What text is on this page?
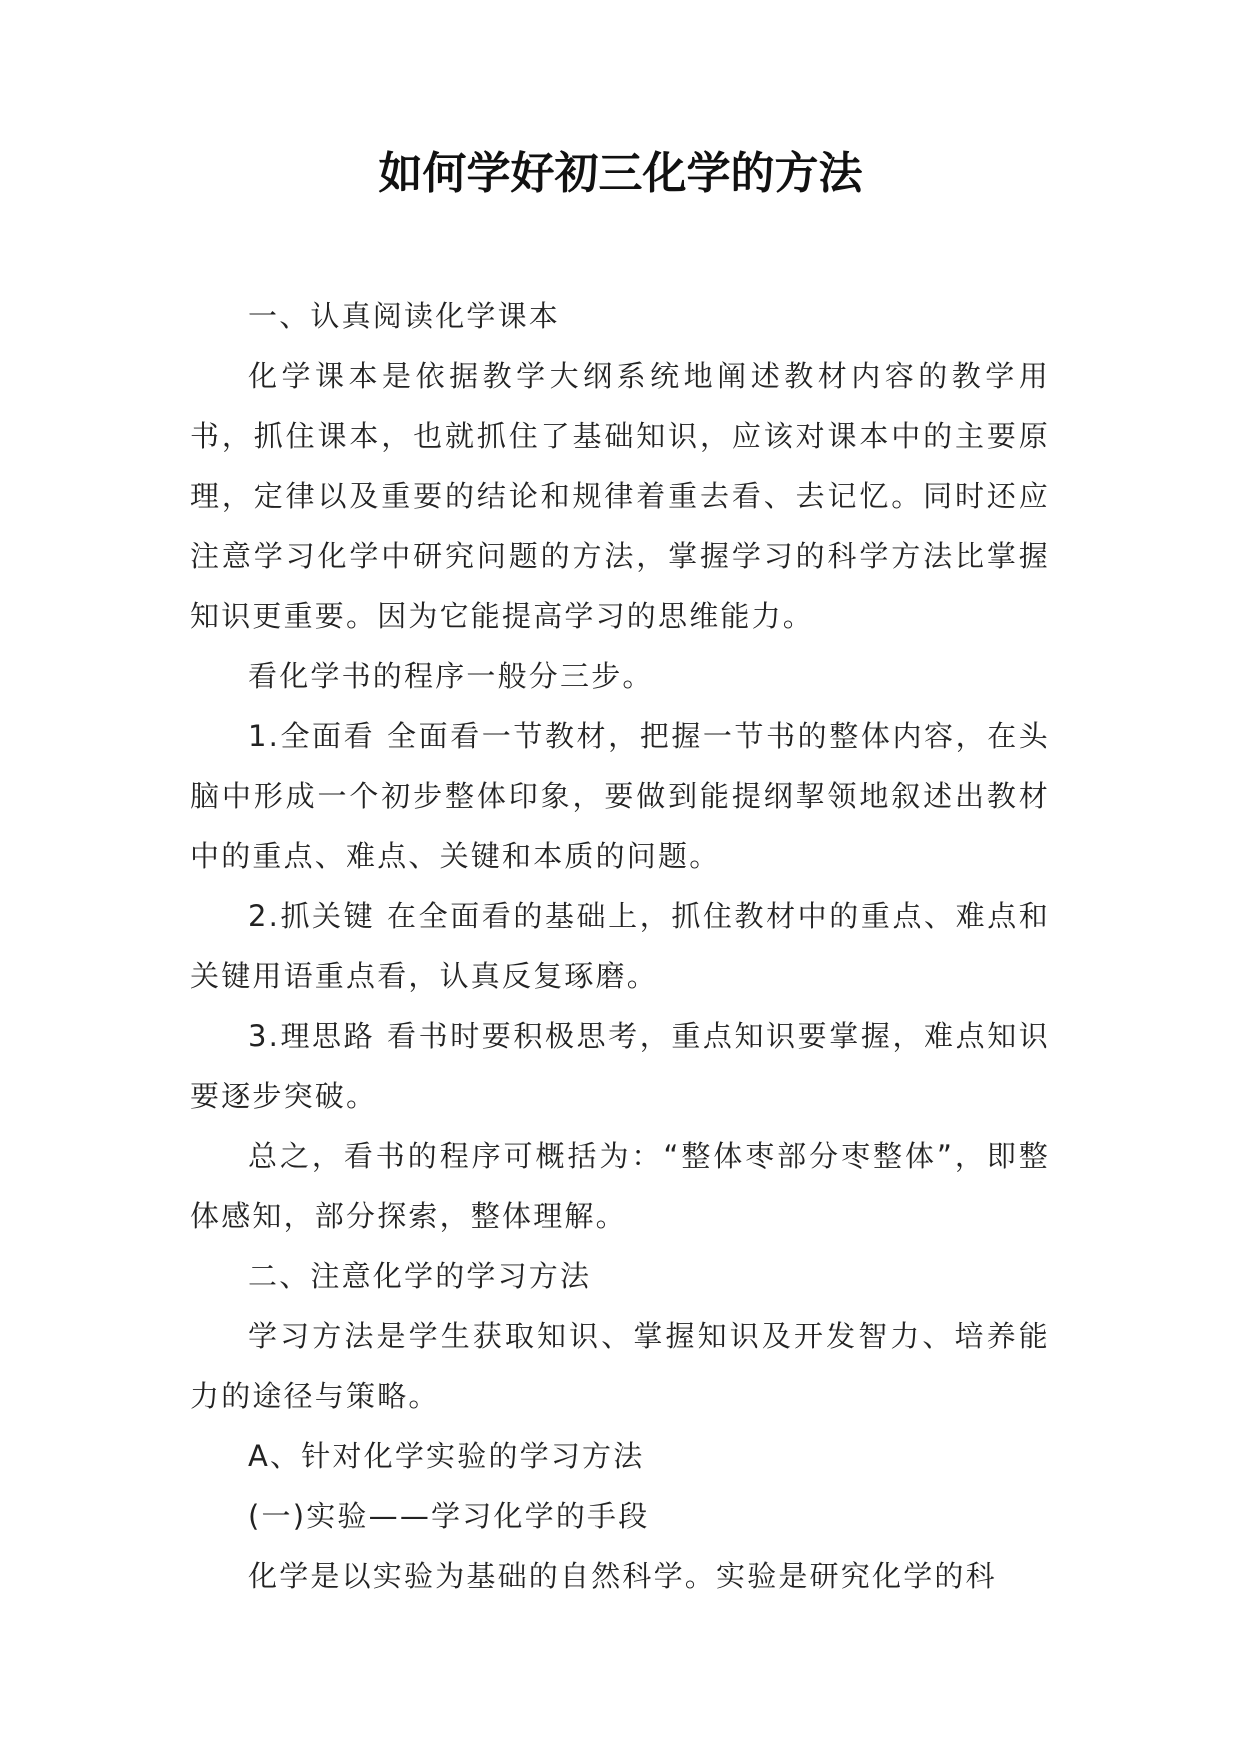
如何学好初三化学的方法

一、认真阅读化学课本

化学课本是依据教学大纲系统地阐述教材内容的教学用书，抓住课本，也就抓住了基础知识，应该对课本中的主要原理，定律以及重要的结论和规律着重去看、去记忆。同时还应注意学习化学中研究问题的方法，掌握学习的科学方法比掌握知识更重要。因为它能提高学习的思维能力。

看化学书的程序一般分三步。

1.全面看 全面看一节教材，把握一节书的整体内容，在头脑中形成一个初步整体印象，要做到能提纲挈领地叙述出教材中的重点、难点、关键和本质的问题。

2.抓关键 在全面看的基础上，抓住教材中的重点、难点和关键用语重点看，认真反复琢磨。

3.理思路 看书时要积极思考，重点知识要掌握，难点知识要逐步突破。

总之，看书的程序可概括为：“整体枣部分枣整体”，即整体感知，部分探索，整体理解。

二、注意化学的学习方法

学习方法是学生获取知识、掌握知识及开发智力、培养能力的途径与策略。

A、针对化学实验的学习方法

(一)实验——学习化学的手段

化学是以实验为基础的自然科学。实验是研究化学的科
